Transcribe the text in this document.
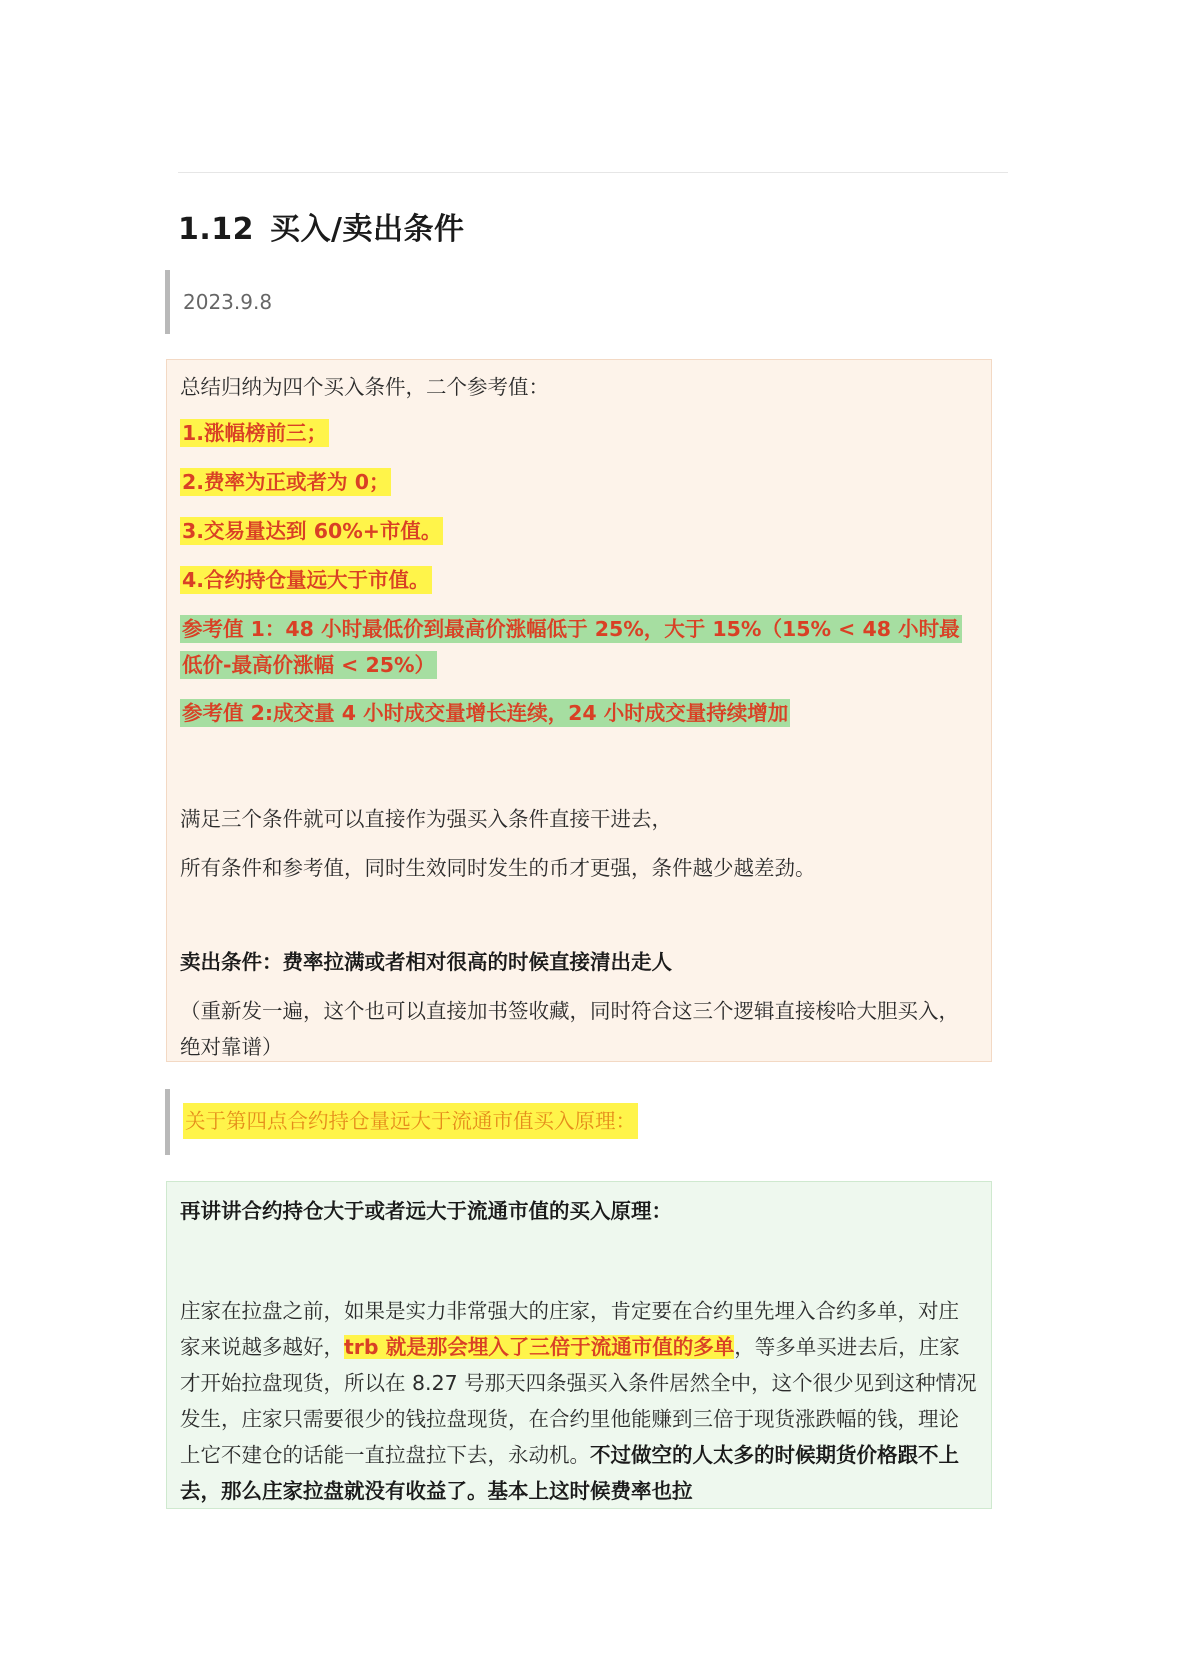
1.12 买入/卖出条件
2023.9.8
总结归纳为四个买入条件，二个参考值：
1.涨幅榜前三；
2.费率为正或者为 0；
3.交易量达到 60%+市值。
4.合约持仓量远大于市值。
参考值 1：48 小时最低价到最高价涨幅低于 25%，大于 15%（15% < 48 小时最
低价-最高价涨幅 < 25%）
参考值 2:成交量 4 小时成交量增长连续，24 小时成交量持续增加
满足三个条件就可以直接作为强买入条件直接干进去，
所有条件和参考值，同时生效同时发生的币才更强，条件越少越差劲。
卖出条件：费率拉满或者相对很高的时候直接清出走人
（重新发一遍，这个也可以直接加书签收藏，同时符合这三个逻辑直接梭哈大胆买入，绝对靠谱）
关于第四点合约持仓量远大于流通市值买入原理：
再讲讲合约持仓大于或者远大于流通市值的买入原理：
庄家在拉盘之前，如果是实力非常强大的庄家，肯定要在合约里先埋入合约多单，对庄家来说越多越好，trb 就是那会埋入了三倍于流通市值的多单，等多单买进去后，庄家才开始拉盘现货，所以在 8.27 号那天四条强买入条件居然全中，这个很少见到这种情况发生，庄家只需要很少的钱拉盘现货，在合约里他能赚到三倍于现货涨跌幅的钱，理论上它不建仓的话能一直拉盘拉下去，永动机。不过做空的人太多的时候期货价格跟不上去，那么庄家拉盘就没有收益了。基本上这时候费率也拉
